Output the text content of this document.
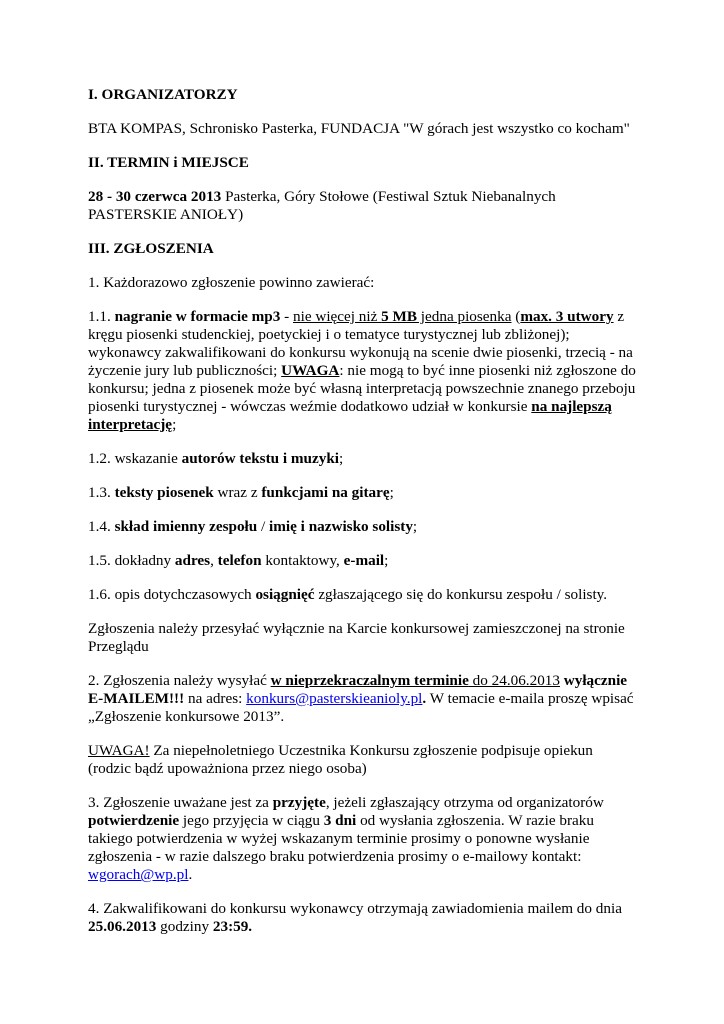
I. ORGANIZATORZY

BTA KOMPAS, Schronisko Pasterka, FUNDACJA "W górach jest wszystko co kocham"

II. TERMIN i MIEJSCE

28 - 30 czerwca 2013 Pasterka, Góry Stołowe (Festiwal Sztuk Niebanalnych PASTERSKIE ANIOŁY)

III. ZGŁOSZENIA

1. Każdorazowo zgłoszenie powinno zawierać:

1.1. nagranie w formacie mp3 - nie więcej niż 5 MB jedna piosenka (max. 3 utwory z kręgu piosenki studenckiej, poetyckiej i o tematyce turystycznej lub zbliżonej); wykonawcy zakwalifikowani do konkursu wykonują na scenie dwie piosenki, trzecią - na życzenie jury lub publiczności; UWAGA: nie mogą to być inne piosenki niż zgłoszone do konkursu; jedna z piosenek może być własną interpretacją powszechnie znanego przeboju piosenki turystycznej - wówczas weźmie dodatkowo udział w konkursie na najlepszą interpretację;

1.2. wskazanie autorów tekstu i muzyki;

1.3. teksty piosenek wraz z funkcjami na gitarę;

1.4. skład imienny zespołu / imię i nazwisko solisty;

1.5. dokładny adres, telefon kontaktowy, e-mail;

1.6. opis dotychczasowych osiągnięć zgłaszającego się do konkursu zespołu / solisty.

Zgłoszenia należy przesyłać wyłącznie na Karcie konkursowej zamieszczonej na stronie Przeglądu

2. Zgłoszenia należy wysyłać w nieprzekraczalnym terminie do 24.06.2013 wyłącznie E-MAILEM!!! na adres: konkurs@pasterskieanioly.pl. W temacie e-maila proszę wpisać „Zgłoszenie konkursowe 2013”.

UWAGA! Za niepełnoletniego Uczestnika Konkursu zgłoszenie podpisuje opiekun (rodzic bądź upoważniona przez niego osoba)

3. Zgłoszenie uważane jest za przyjęte, jeżeli zgłaszający otrzyma od organizatorów potwierdzenie jego przyjęcia w ciągu 3 dni od wysłania zgłoszenia. W razie braku takiego potwierdzenia w wyżej wskazanym terminie prosimy o ponowne wysłanie zgłoszenia - w razie dalszego braku potwierdzenia prosimy o e-mailowy kontakt: wgorach@wp.pl.

4. Zakwalifikowani do konkursu wykonawcy otrzymają zawiadomienia mailem do dnia 25.06.2013 godziny 23:59.
